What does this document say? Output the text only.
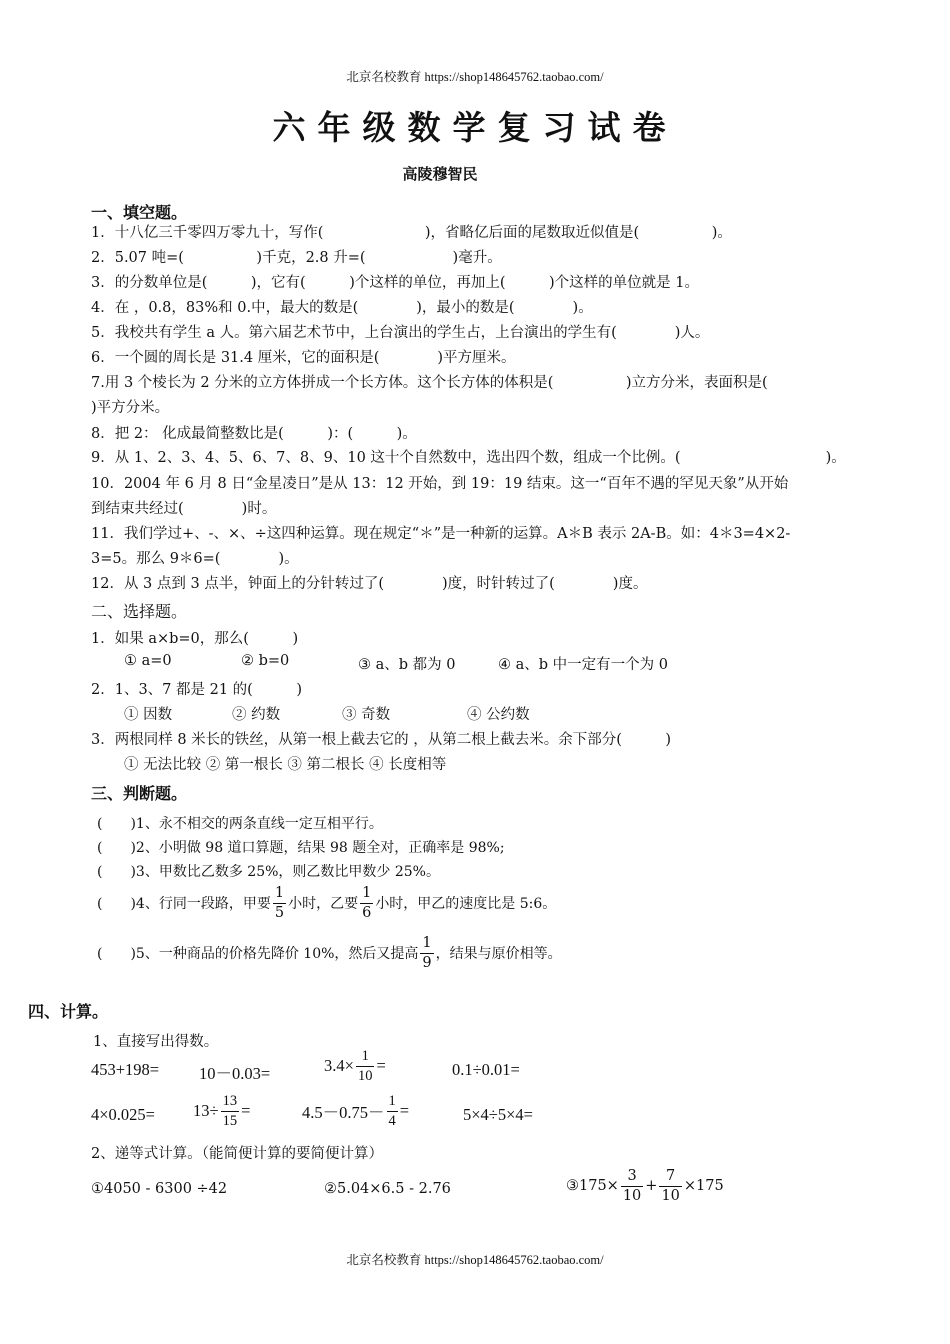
北京名校教育 https://shop148645762.taobao.com/
六年级数学复习试卷
高陵穆智民
一、填空题。
1．十八亿三千零四万零九十，写作(　　　　　　　)，省略亿后面的尾数取近似值是(　　　　　)。
2．5.07 吨=(　　　　　)千克，2.8 升=(　　　　　　)毫升。
3．的分数单位是(　　　)，它有(　　　)个这样的单位，再加上(　　　)个这样的单位就是 1。
4．在 ，0.8，83%和 0.中，最大的数是(　　　　)，最小的数是(　　　　)。
5．我校共有学生 a 人。第六届艺术节中，上台演出的学生占，上台演出的学生有(　　　　)人。
6．一个圆的周长是 31.4 厘米，它的面积是(　　　　)平方厘米。
7.用 3 个棱长为 2 分米的立方体拼成一个长方体。这个长方体的体积是(　　　　　)立方分米，表面积是(
)平方分米。
8．把 2： 化成最简整数比是(　　　)：(　　　)。
9．从 1、2、3、4、5、6、7、8、9、10 这十个自然数中，选出四个数，组成一个比例。(　　　　　　　　　　)。
10．2004 年 6 月 8 日“金星凌日”是从 13：12 开始，到 19：19 结束。这一“百年不遇的罕见天象”从开始
到结束共经过(　　　　)时。
11．我们学过+、-、×、÷这四种运算。现在规定“＊”是一种新的运算。A＊B 表示 2A-B。如：4＊3=4×2-
3=5。那么 9＊6=(　　　　)。
12．从 3 点到 3 点半，钟面上的分针转过了(　　　　)度，时针转过了(　　　　)度。
二、选择题。
1．如果 a×b=0，那么(　　　)
① a=0	② b=0	③ a、b 都为 0	④ a、b 中一定有一个为 0
2．1、3、7 都是 21 的(　　　)
① 因数	② 约数	③ 奇数	④ 公约数
3．两根同样 8 米长的铁丝，从第一根上截去它的 ，从第二根上截去米。余下部分(　　　)
① 无法比较 ② 第一根长 ③ 第二根长 ④ 长度相等
三、判断题。
(　　)1、永不相交的两条直线一定互相平行。
(　　)2、小明做 98 道口算题，结果 98 题全对，正确率是 98%;
(　　)3、甲数比乙数多 25%，则乙数比甲数少 25%。
(　　)4、行同一段路，甲要 $\frac{1}{5}$ 小时，乙要 $\frac{1}{6}$ 小时，甲乙的速度比是 5:6。
(　　)5、一种商品的价格先降价 10%，然后又提高 $\frac{1}{9}$ ，结果与原价相等。
四、计算。
1、直接写出得数。
453+198= 10－0.03=	$3.4\times \frac{1}{10}$ =	0.1÷0.01=
$4\times 0.025= 13\div \frac{13}{15}$ =	$4.5-0.75- \frac{1}{4}$ =	5×4÷5×4=
2、递等式计算。（能简便计算的要简便计算）
①4050 - 6300 ÷42	②5.04×6.5 - 2.76	③175× $\frac{3}{10} + \frac{7}{10} \times 175$
北京名校教育 https://shop148645762.taobao.com/
